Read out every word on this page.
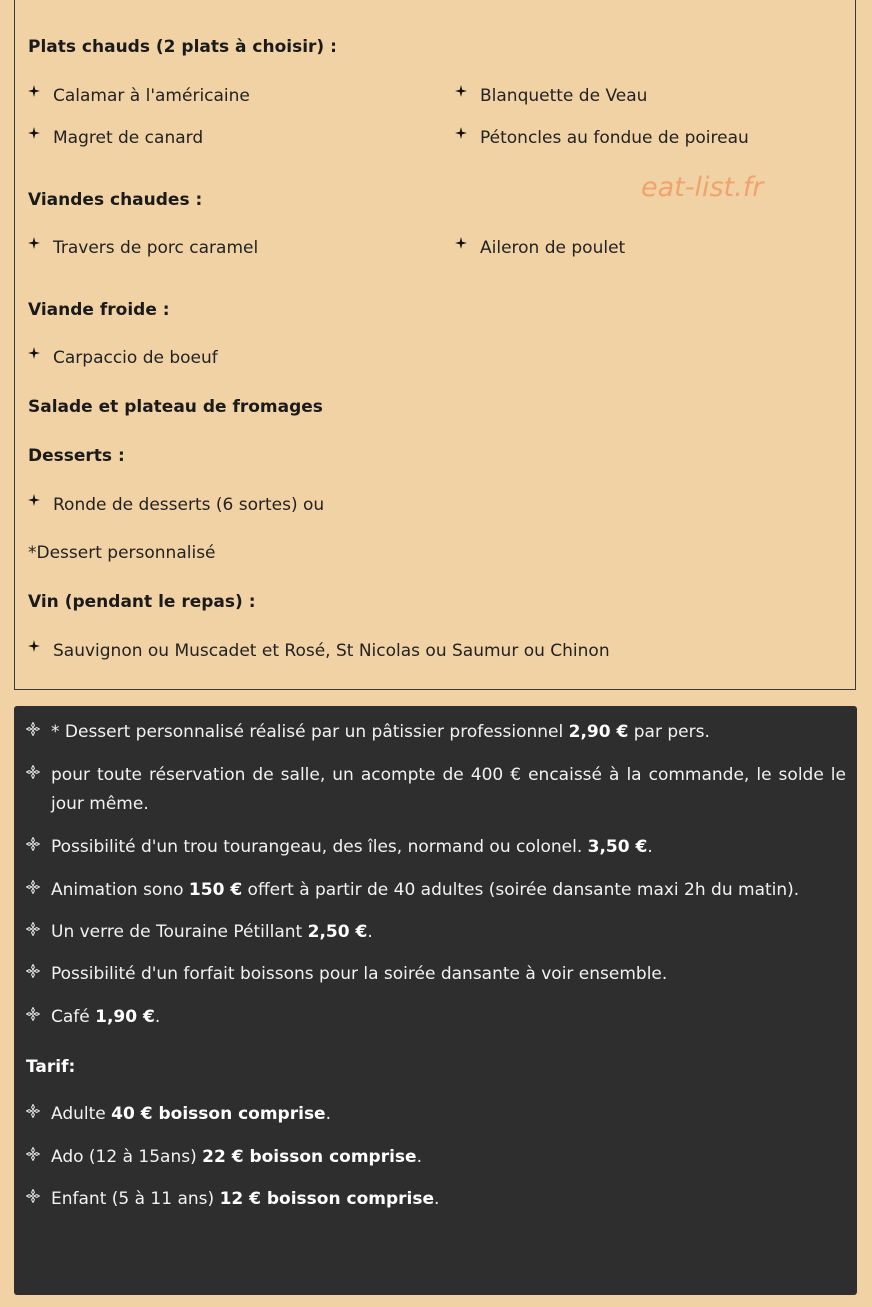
Plats chauds (2 plats à choisir) :
Calamar à l'américaine	Blanquette de Veau
Magret de canard	Pétoncles au fondue de poireau
eat-list.fr
Viandes chaudes :
Travers de porc caramel	Aileron de poulet
Viande froide :
Carpaccio de boeuf
Salade et plateau de fromages
Desserts :
Ronde de desserts (6 sortes) ou
*Dessert personnalisé
Vin (pendant le repas) :
Sauvignon ou Muscadet et Rosé, St Nicolas ou Saumur ou Chinon
* Dessert personnalisé réalisé par un pâtissier professionnel 2,90 € par pers.
pour toute réservation de salle, un acompte de 400 € encaissé à la commande, le solde le jour même.
Possibilité d'un trou tourangeau, des îles, normand ou colonel. 3,50 €.
Animation sono 150 € offert à partir de 40 adultes (soirée dansante maxi 2h du matin).
Un verre de Touraine Pétillant 2,50 €.
Possibilité d'un forfait boissons pour la soirée dansante à voir ensemble.
Café 1,90 €.
Tarif:
Adulte 40 € boisson comprise.
Ado (12 à 15ans) 22 € boisson comprise.
Enfant (5 à 11 ans) 12 € boisson comprise.
